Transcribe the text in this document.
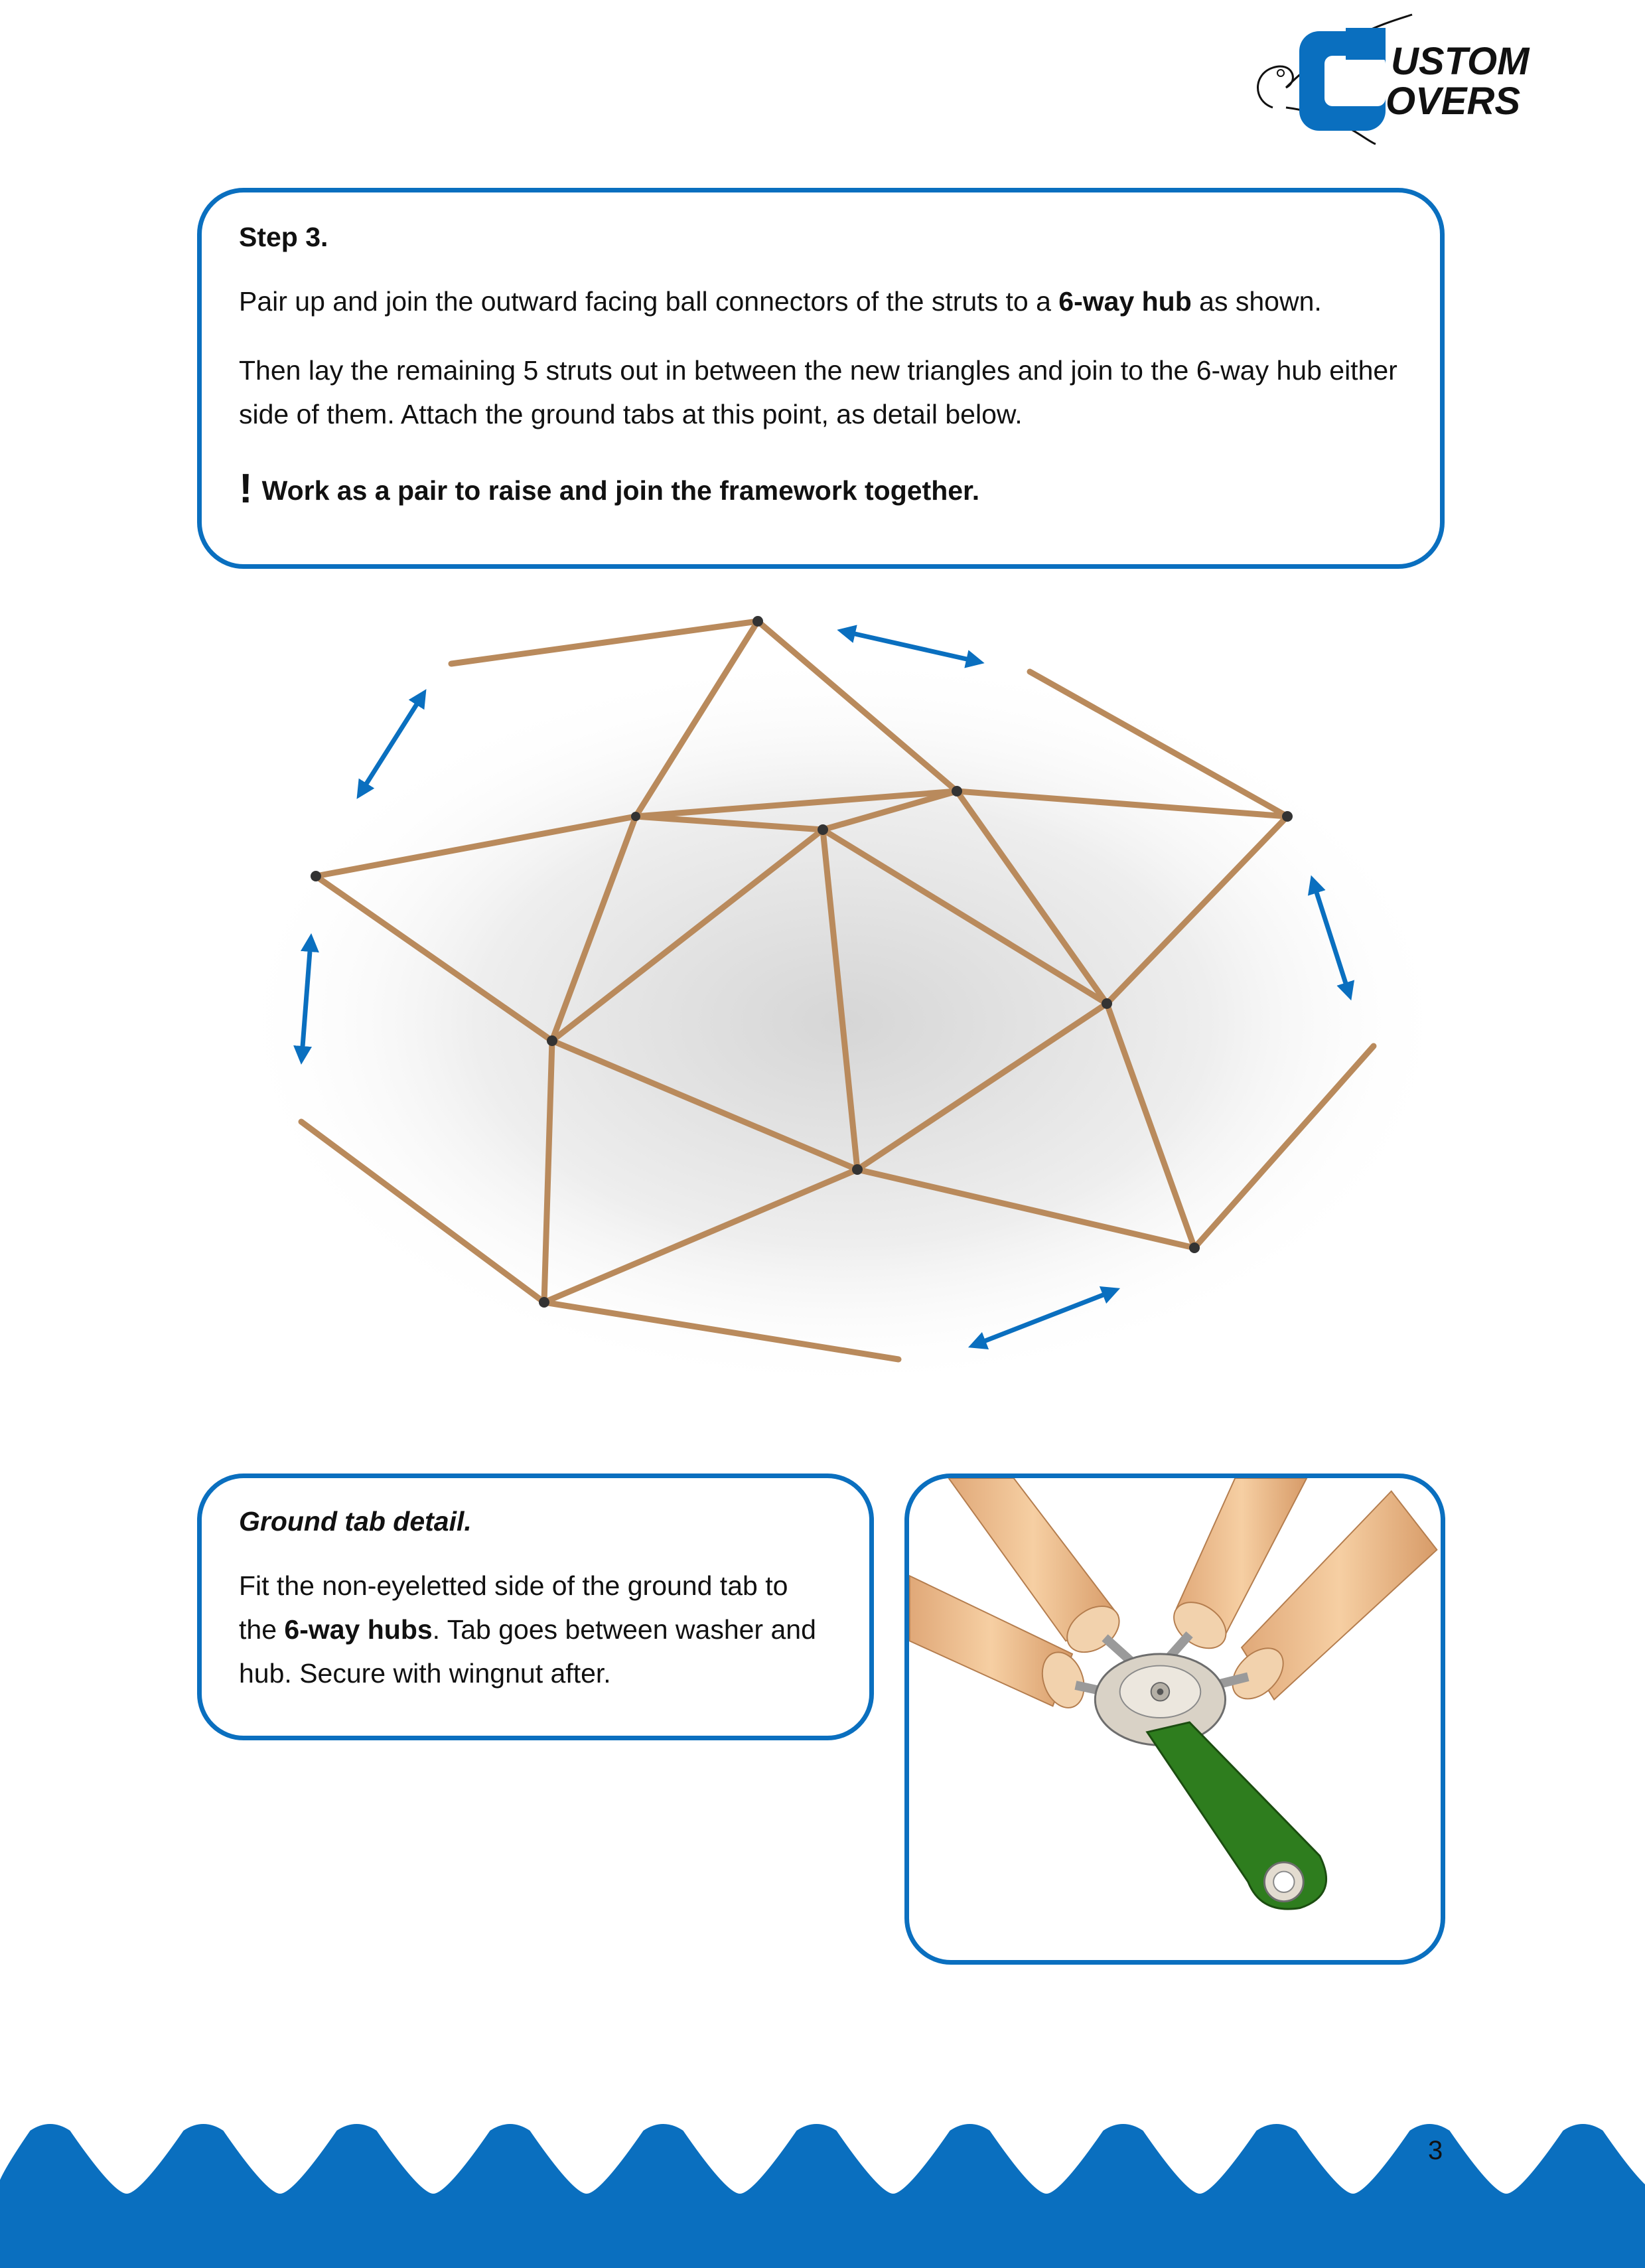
USTOM
OVERS

Step 3.

Pair up and join the outward facing ball connectors of the struts to a 6-way hub as shown.

Then lay the remaining 5 struts out in between the new triangles and join to the 6-way hub either side of them. Attach the ground tabs at this point, as detail below.

! Work as a pair to raise and join the framework together.

Ground tab detail.

Fit the non-eyeletted side of the ground tab to the 6-way hubs. Tab goes between washer and hub. Secure with wingnut after.

3
